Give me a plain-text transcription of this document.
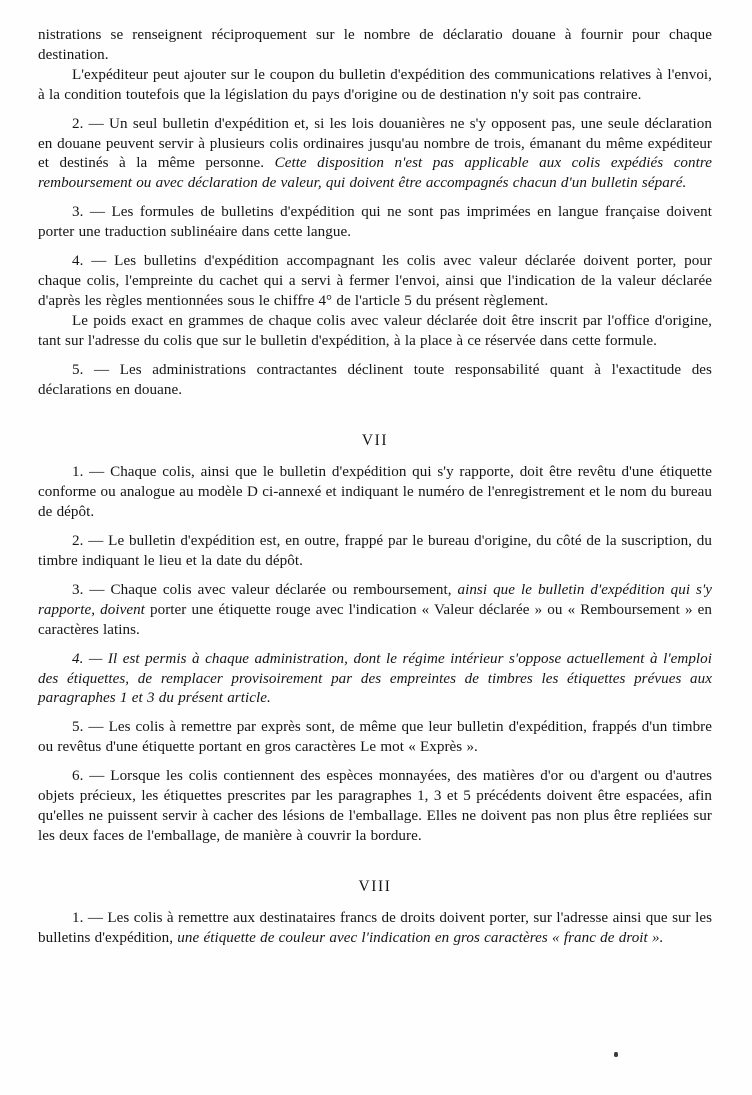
nistrations se renseignent réciproquement sur le nombre de déclaratio douane à fournir pour chaque destination.

L'expéditeur peut ajouter sur le coupon du bulletin d'expédition des communications relatives à l'envoi, à la condition toutefois que la législation du pays d'origine ou de destination n'y soit pas contraire.

2. — Un seul bulletin d'expédition et, si les lois douanières ne s'y opposent pas, une seule déclaration en douane peuvent servir à plusieurs colis ordinaires jusqu'au nombre de trois, émanant du même expéditeur et destinés à la même personne. Cette disposition n'est pas applicable aux colis expédiés contre remboursement ou avec déclaration de valeur, qui doivent être accompagnés chacun d'un bulletin séparé.

3. — Les formules de bulletins d'expédition qui ne sont pas imprimées en langue française doivent porter une traduction sublinéaire dans cette langue.

4. — Les bulletins d'expédition accompagnant les colis avec valeur déclarée doivent porter, pour chaque colis, l'empreinte du cachet qui a servi à fermer l'envoi, ainsi que l'indication de la valeur déclarée d'après les règles mentionnées sous le chiffre 4° de l'article 5 du présent règlement.

Le poids exact en grammes de chaque colis avec valeur déclarée doit être inscrit par l'office d'origine, tant sur l'adresse du colis que sur le bulletin d'expédition, à la place à ce réservée dans cette formule.

5. — Les administrations contractantes déclinent toute responsabilité quant à l'exactitude des déclarations en douane.

VII

1. — Chaque colis, ainsi que le bulletin d'expédition qui s'y rapporte, doit être revêtu d'une étiquette conforme ou analogue au modèle D ci-annexé et indiquant le numéro de l'enregistrement et le nom du bureau de dépôt.

2. — Le bulletin d'expédition est, en outre, frappé par le bureau d'origine, du côté de la suscription, du timbre indiquant le lieu et la date du dépôt.

3. — Chaque colis avec valeur déclarée ou remboursement, ainsi que le bulletin d'expédition qui s'y rapporte, doivent porter une étiquette rouge avec l'indication « Valeur déclarée » ou « Remboursement » en caractères latins.

4. — Il est permis à chaque administration, dont le régime intérieur s'oppose actuellement à l'emploi des étiquettes, de remplacer provisoirement par des empreintes de timbres les étiquettes prévues aux paragraphes 1 et 3 du présent article.

5. — Les colis à remettre par exprès sont, de même que leur bulletin d'expédition, frappés d'un timbre ou revêtus d'une étiquette portant en gros caractères Le mot « Exprès ».

6. — Lorsque les colis contiennent des espèces monnayées, des matières d'or ou d'argent ou d'autres objets précieux, les étiquettes prescrites par les paragraphes 1, 3 et 5 précédents doivent être espacées, afin qu'elles ne puissent servir à cacher des lésions de l'emballage. Elles ne doivent pas non plus être repliées sur les deux faces de l'emballage, de manière à couvrir la bordure.

VIII

1. — Les colis à remettre aux destinataires francs de droits doivent porter, sur l'adresse ainsi que sur les bulletins d'expédition, une étiquette de couleur avec l'indication en gros caractères « franc de droit ».
